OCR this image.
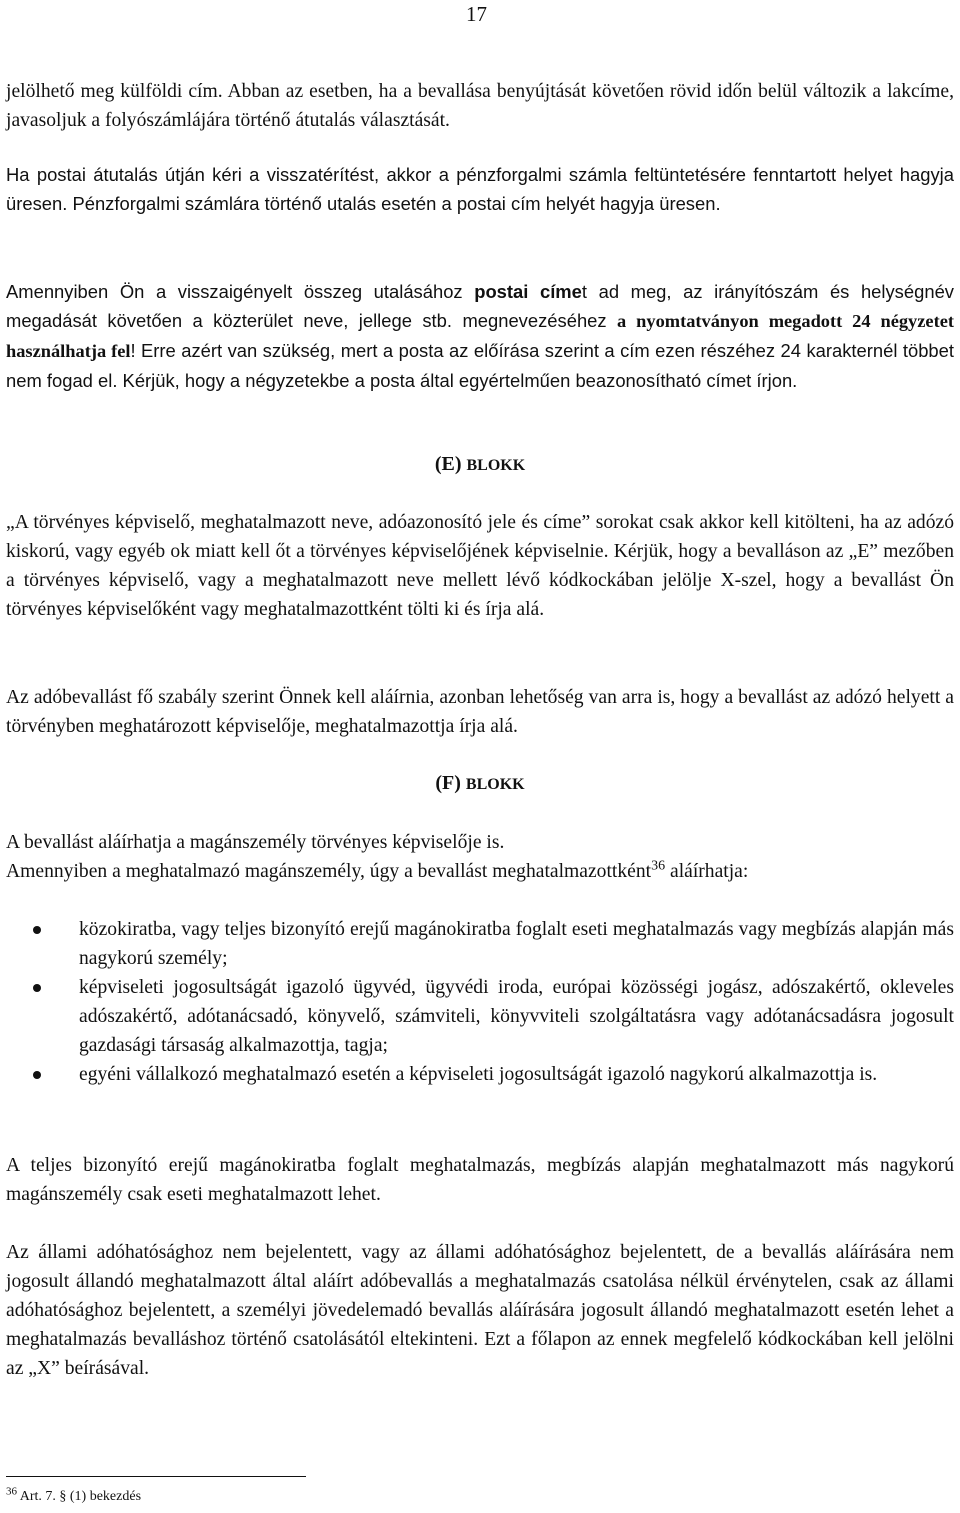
17

jelölhető meg külföldi cím. Abban az esetben, ha a bevallása benyújtását követően rövid időn belül változik a lakcíme, javasoljuk a folyószámlájára történő átutalás választását.

Ha postai átutalás útján kéri a visszatérítést, akkor a pénzforgalmi számla feltüntetésére fenntartott helyet hagyja üresen. Pénzforgalmi számlára történő utalás esetén a postai cím helyét hagyja üresen.

Amennyiben Ön a visszaigényelt összeg utalásához postai címet ad meg, az irányítószám és helységnév megadását követően a közterület neve, jellege stb. megnevezéséhez a nyomtatványon megadott 24 négyzetet használhatja fel! Erre azért van szükség, mert a posta az előírása szerint a cím ezen részéhez 24 karakternél többet nem fogad el. Kérjük, hogy a négyzetekbe a posta által egyértelműen beazonosítható címet írjon.

(E) BLOKK

„A törvényes képviselő, meghatalmazott neve, adóazonosító jele és címe” sorokat csak akkor kell kitölteni, ha az adózó kiskorú, vagy egyéb ok miatt kell őt a törvényes képviselőjének képviselnie. Kérjük, hogy a bevalláson az „E” mezőben a törvényes képviselő, vagy a meghatalmazott neve mellett lévő kódkockában jelölje X-szel, hogy a bevallást Ön törvényes képviselőként vagy meghatalmazottként tölti ki és írja alá.

Az adóbevallást fő szabály szerint Önnek kell aláírnia, azonban lehetőség van arra is, hogy a bevallást az adózó helyett a törvényben meghatározott képviselője, meghatalmazottja írja alá.

(F) BLOKK

A bevallást aláírhatja a magánszemély törvényes képviselője is.

Amennyiben a meghatalmazó magánszemély, úgy a bevallást meghatalmazottként$^{36}$ aláírhatja:

közokiratba, vagy teljes bizonyító erejű magánokiratba foglalt eseti meghatalmazás vagy megbízás alapján más nagykorú személy;
képviseleti jogosultságát igazoló ügyvéd, ügyvédi iroda, európai közösségi jogász, adószakértő, okleveles adószakértő, adótanácsadó, könyvelő, számviteli, könyvviteli szolgáltatásra vagy adótanácsadásra jogosult gazdasági társaság alkalmazottja, tagja;
egyéni vállalkozó meghatalmazó esetén a képviseleti jogosultságát igazoló nagykorú alkalmazottja is.

A teljes bizonyító erejű magánokiratba foglalt meghatalmazás, megbízás alapján meghatalmazott más nagykorú magánszemély csak eseti meghatalmazott lehet.

Az állami adóhatósághoz nem bejelentett, vagy az állami adóhatósághoz bejelentett, de a bevallás aláírására nem jogosult állandó meghatalmazott által aláírt adóbevallás a meghatalmazás csatolása nélkül érvénytelen, csak az állami adóhatósághoz bejelentett, a személyi jövedelemadó bevallás aláírására jogosult állandó meghatalmazott esetén lehet a meghatalmazás bevalláshoz történő csatolásától eltekinteni. Ezt a főlapon az ennek megfelelő kódkockában kell jelölni az „X” beírásával.

$^{36}$ Art. 7. § (1) bekezdés
